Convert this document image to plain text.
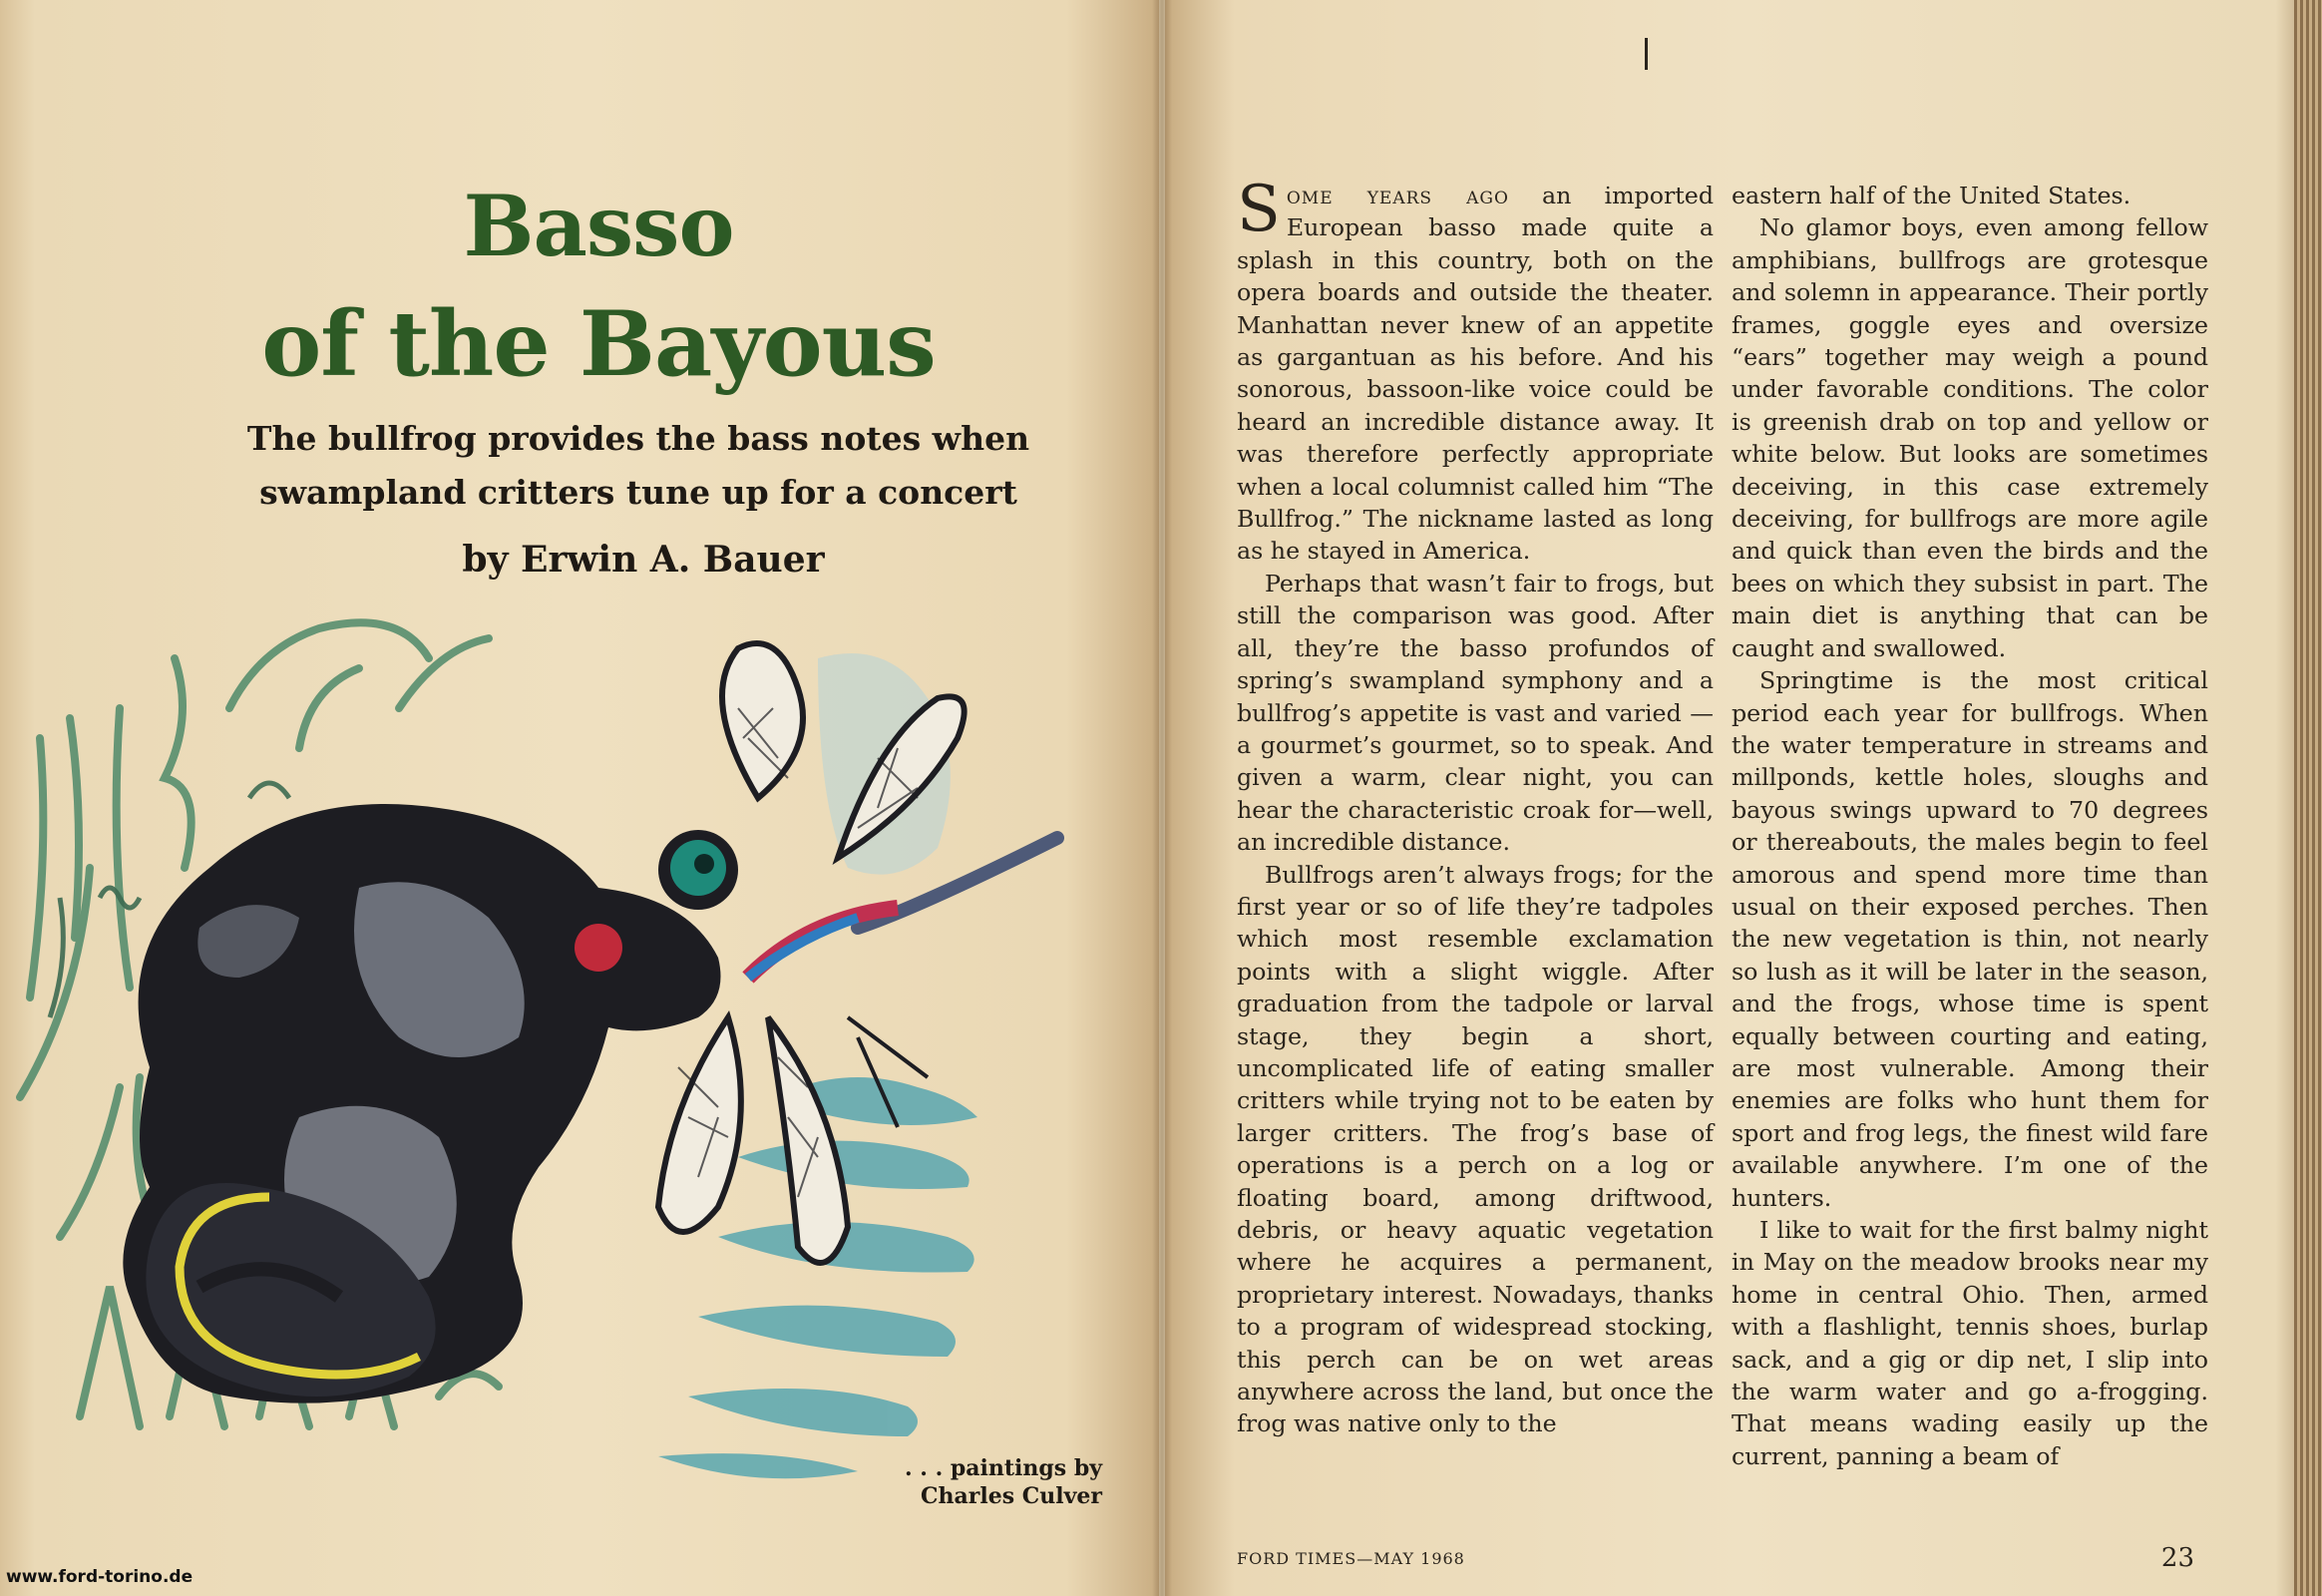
Basso
of the Bayous
The bullfrog provides the bass notes when
swampland critters tune up for a concert
by Erwin A. Bauer
. . . paintings by
Charles Culver
www.ford-torino.de

Some years ago an imported European basso made quite a splash in this country, both on the opera boards and outside the theater. Manhattan never knew of an appetite as gargantuan as his before. And his sonorous, bassoon-like voice could be heard an incredible distance away. It was therefore perfectly appropriate when a local columnist called him “The Bullfrog.” The nickname lasted as long as he stayed in America.

Perhaps that wasn’t fair to frogs, but still the comparison was good. After all, they’re the basso profundos of spring’s swampland symphony and a bullfrog’s appetite is vast and varied — a gourmet’s gourmet, so to speak. And given a warm, clear night, you can hear the characteristic croak for—well, an incredible distance.

Bullfrogs aren’t always frogs; for the first year or so of life they’re tadpoles which most resemble exclamation points with a slight wiggle. After graduation from the tadpole or larval stage, they begin a short, uncomplicated life of eating smaller critters while trying not to be eaten by larger critters. The frog’s base of operations is a perch on a log or floating board, among driftwood, debris, or heavy aquatic vegetation where he acquires a permanent, proprietary interest. Nowadays, thanks to a program of widespread stocking, this perch can be on wet areas anywhere across the land, but once the frog was native only to the

eastern half of the United States.

No glamor boys, even among fellow amphibians, bullfrogs are grotesque and solemn in appearance. Their portly frames, goggle eyes and oversize “ears” together may weigh a pound under favorable conditions. The color is greenish drab on top and yellow or white below. But looks are sometimes deceiving, in this case extremely deceiving, for bullfrogs are more agile and quick than even the birds and the bees on which they subsist in part. The main diet is anything that can be caught and swallowed.

Springtime is the most critical period each year for bullfrogs. When the water temperature in streams and millponds, kettle holes, sloughs and bayous swings upward to 70 degrees or thereabouts, the males begin to feel amorous and spend more time than usual on their exposed perches. Then the new vegetation is thin, not nearly so lush as it will be later in the season, and the frogs, whose time is spent equally between courting and eating, are most vulnerable. Among their enemies are folks who hunt them for sport and frog legs, the finest wild fare available anywhere. I’m one of the hunters.

I like to wait for the first balmy night in May on the meadow brooks near my home in central Ohio. Then, armed with a flashlight, tennis shoes, burlap sack, and a gig or dip net, I slip into the warm water and go a-frogging. That means wading easily up the current, panning a beam of

FORD TIMES—MAY 1968	23
